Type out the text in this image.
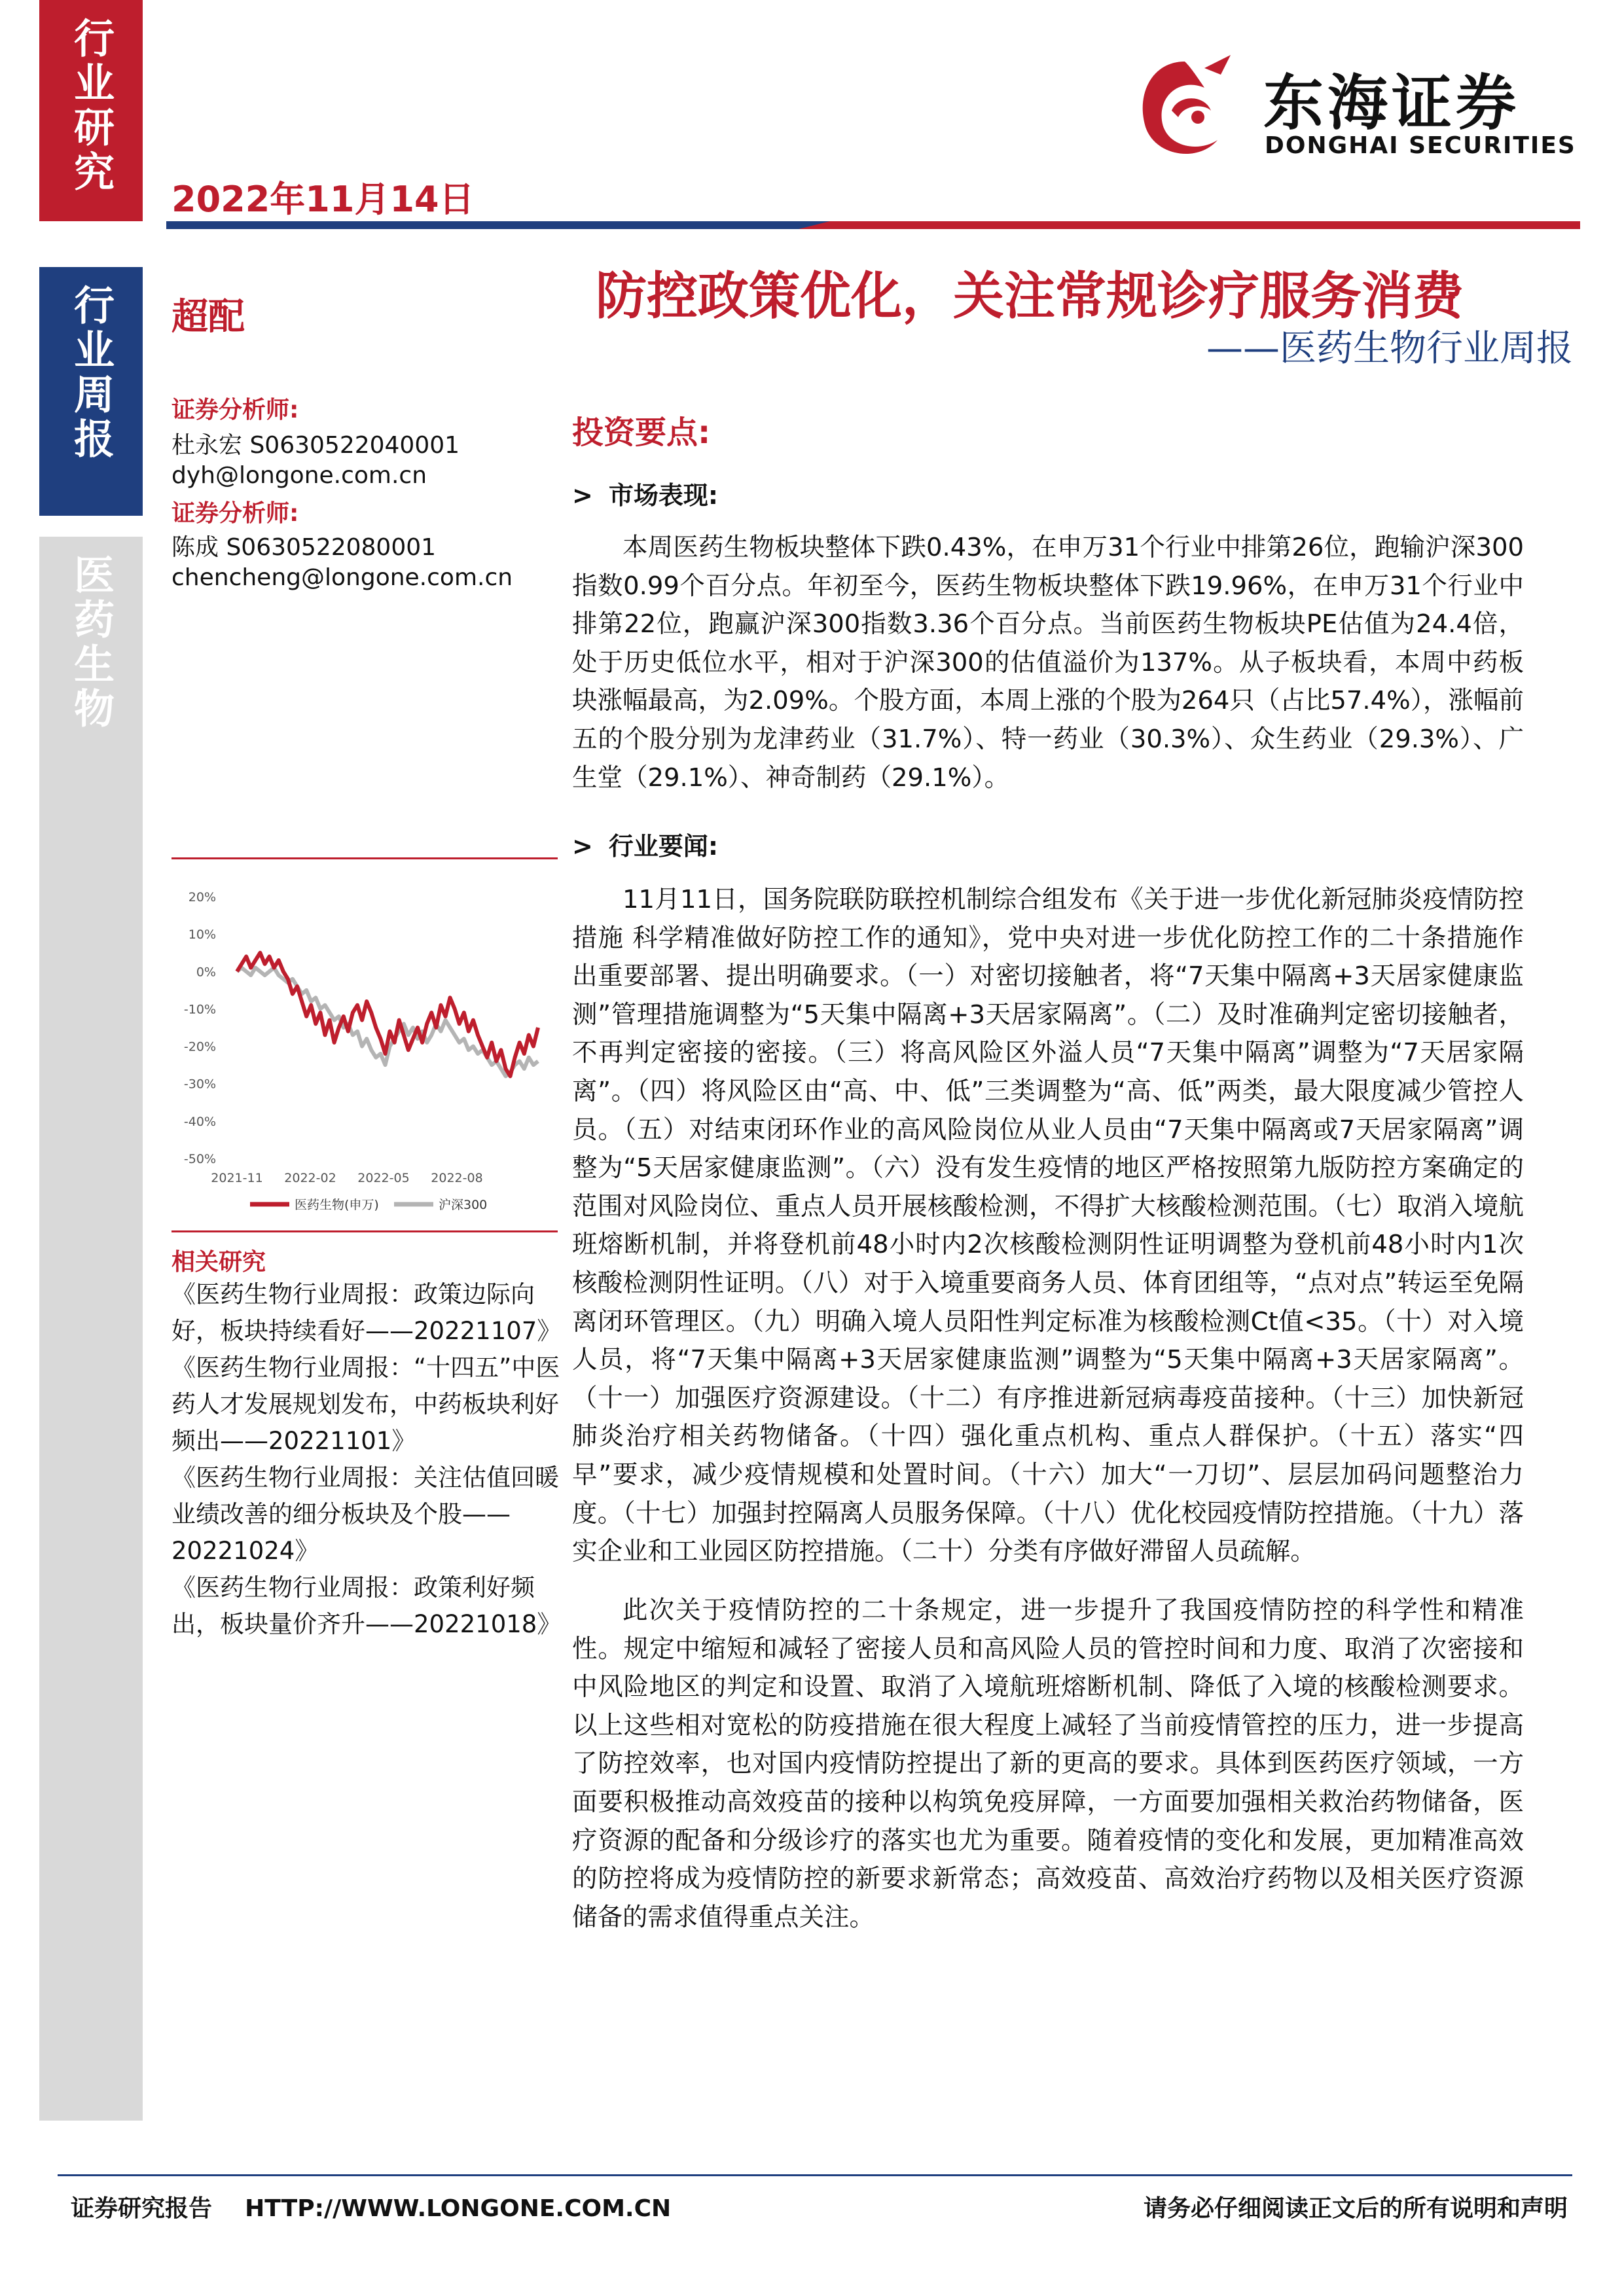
行业研究
行业周报
医药生物
2022年11月14日
东海证券
DONGHAI SECURITIES
超配
证券分析师:
杜永宏 S0630522040001
dyh@longone.com.cn
证券分析师:
陈成 S0630522080001
chencheng@longone.com.cn
20%
10%
0%
-10%
-20%
-30%
-40%
-50%
2021-11 2022-02 2022-05 2022-08
医药生物(申万)	沪深300
相关研究

《医药生物行业周报：政策边际向好，板块持续看好——20221107》

《医药生物行业周报：“十四五”中医药人才发展规划发布，中药板块利好频出——20221101》

《医药生物行业周报：关注估值回暖业绩改善的细分板块及个股——20221024》

《医药生物行业周报：政策利好频出，板块量价齐升——20221018》

防控政策优化，关注常规诊疗服务消费
——医药生物行业周报
投资要点:
> 市场表现:

本周医药生物板块整体下跌0.43%，在申万31个行业中排第26位，跑输沪深300指数0.99个百分点。年初至今，医药生物板块整体下跌19.96%，在申万31个行业中排第22位，跑赢沪深300指数3.36个百分点。当前医药生物板块PE估值为24.4倍，处于历史低位水平，相对于沪深300的估值溢价为137%。从子板块看，本周中药板块涨幅最高，为2.09%。个股方面，本周上涨的个股为264只（占比57.4%），涨幅前五的个股分别为龙津药业（31.7%）、特一药业（30.3%）、众生药业（29.3%）、广生堂（29.1%）、神奇制药（29.1%）。

> 行业要闻:

11月11日，国务院联防联控机制综合组发布《关于进一步优化新冠肺炎疫情防控措施 科学精准做好防控工作的通知》，党中央对进一步优化防控工作的二十条措施作出重要部署、提出明确要求。（一）对密切接触者，将“7天集中隔离+3天居家健康监测”管理措施调整为“5天集中隔离+3天居家隔离”。（二）及时准确判定密切接触者，不再判定密接的密接。（三）将高风险区外溢人员“7天集中隔离”调整为“7天居家隔离”。（四）将风险区由“高、中、低”三类调整为“高、低”两类，最大限度减少管控人员。（五）对结束闭环作业的高风险岗位从业人员由“7天集中隔离或7天居家隔离”调整为“5天居家健康监测”。（六）没有发生疫情的地区严格按照第九版防控方案确定的范围对风险岗位、重点人员开展核酸检测，不得扩大核酸检测范围。（七）取消入境航班熔断机制，并将登机前48小时内2次核酸检测阴性证明调整为登机前48小时内1次核酸检测阴性证明。（八）对于入境重要商务人员、体育团组等，“点对点”转运至免隔离闭环管理区。（九）明确入境人员阳性判定标准为核酸检测Ct值<35。（十）对入境人员，将“7天集中隔离+3天居家健康监测”调整为“5天集中隔离+3天居家隔离”。（十一）加强医疗资源建设。（十二）有序推进新冠病毒疫苗接种。（十三）加快新冠肺炎治疗相关药物储备。（十四）强化重点机构、重点人群保护。（十五）落实“四早”要求，减少疫情规模和处置时间。（十六）加大“一刀切”、层层加码问题整治力度。（十七）加强封控隔离人员服务保障。（十八）优化校园疫情防控措施。（十九）落实企业和工业园区防控措施。（二十）分类有序做好滞留人员疏解。

此次关于疫情防控的二十条规定，进一步提升了我国疫情防控的科学性和精准性。规定中缩短和减轻了密接人员和高风险人员的管控时间和力度、取消了次密接和中风险地区的判定和设置、取消了入境航班熔断机制、降低了入境的核酸检测要求。以上这些相对宽松的防疫措施在很大程度上减轻了当前疫情管控的压力，进一步提高了防控效率，也对国内疫情防控提出了新的更高的要求。具体到医药医疗领域，一方面要积极推动高效疫苗的接种以构筑免疫屏障，一方面要加强相关救治药物储备，医疗资源的配备和分级诊疗的落实也尤为重要。随着疫情的变化和发展，更加精准高效的防控将成为疫情防控的新要求新常态；高效疫苗、高效治疗药物以及相关医疗资源储备的需求值得重点关注。

证券研究报告    HTTP://WWW.LONGONE.COM.CN	请务必仔细阅读正文后的所有说明和声明
